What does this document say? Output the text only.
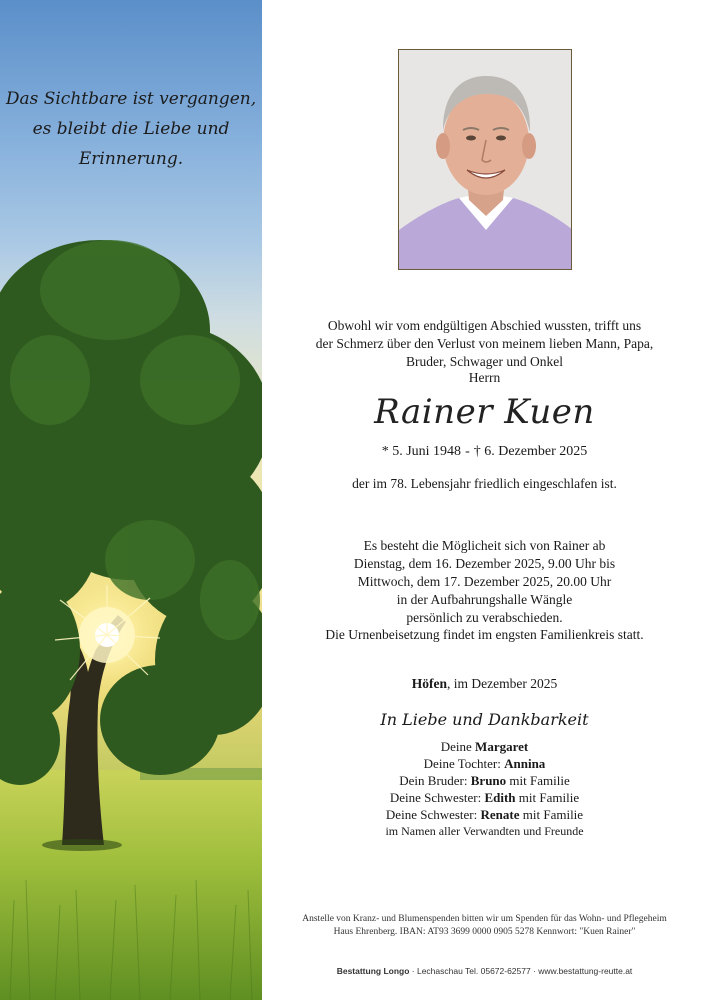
Das Sichtbare ist vergangen,
es bleibt die Liebe und
Erinnerung.
Obwohl wir vom endgültigen Abschied wussten, trifft uns
der Schmerz über den Verlust von meinem lieben Mann, Papa,
Bruder, Schwager und Onkel
Herrn
Rainer Kuen
* 5. Juni 1948 - † 6. Dezember 2025
der im 78. Lebensjahr friedlich eingeschlafen ist.
Es besteht die Möglicheit sich von Rainer ab
Dienstag, dem 16. Dezember 2025, 9.00 Uhr bis
Mittwoch, dem 17. Dezember 2025, 20.00 Uhr
in der Aufbahrungshalle Wängle
persönlich zu verabschieden.
Die Urnenbeisetzung findet im engsten Familienkreis statt.
Höfen, im Dezember 2025
In Liebe und Dankbarkeit
Deine Margaret
Deine Tochter: Annina
Dein Bruder: Bruno mit Familie
Deine Schwester: Edith mit Familie
Deine Schwester: Renate mit Familie
im Namen aller Verwandten und Freunde
Anstelle von Kranz- und Blumenspenden bitten wir um Spenden für das Wohn- und Pflegeheim
Haus Ehrenberg. IBAN: AT93 3699 0000 0905 5278 Kennwort: "Kuen Rainer"
Bestattung Longo · Lechaschau Tel. 05672-62577 · www.bestattung-reutte.at
